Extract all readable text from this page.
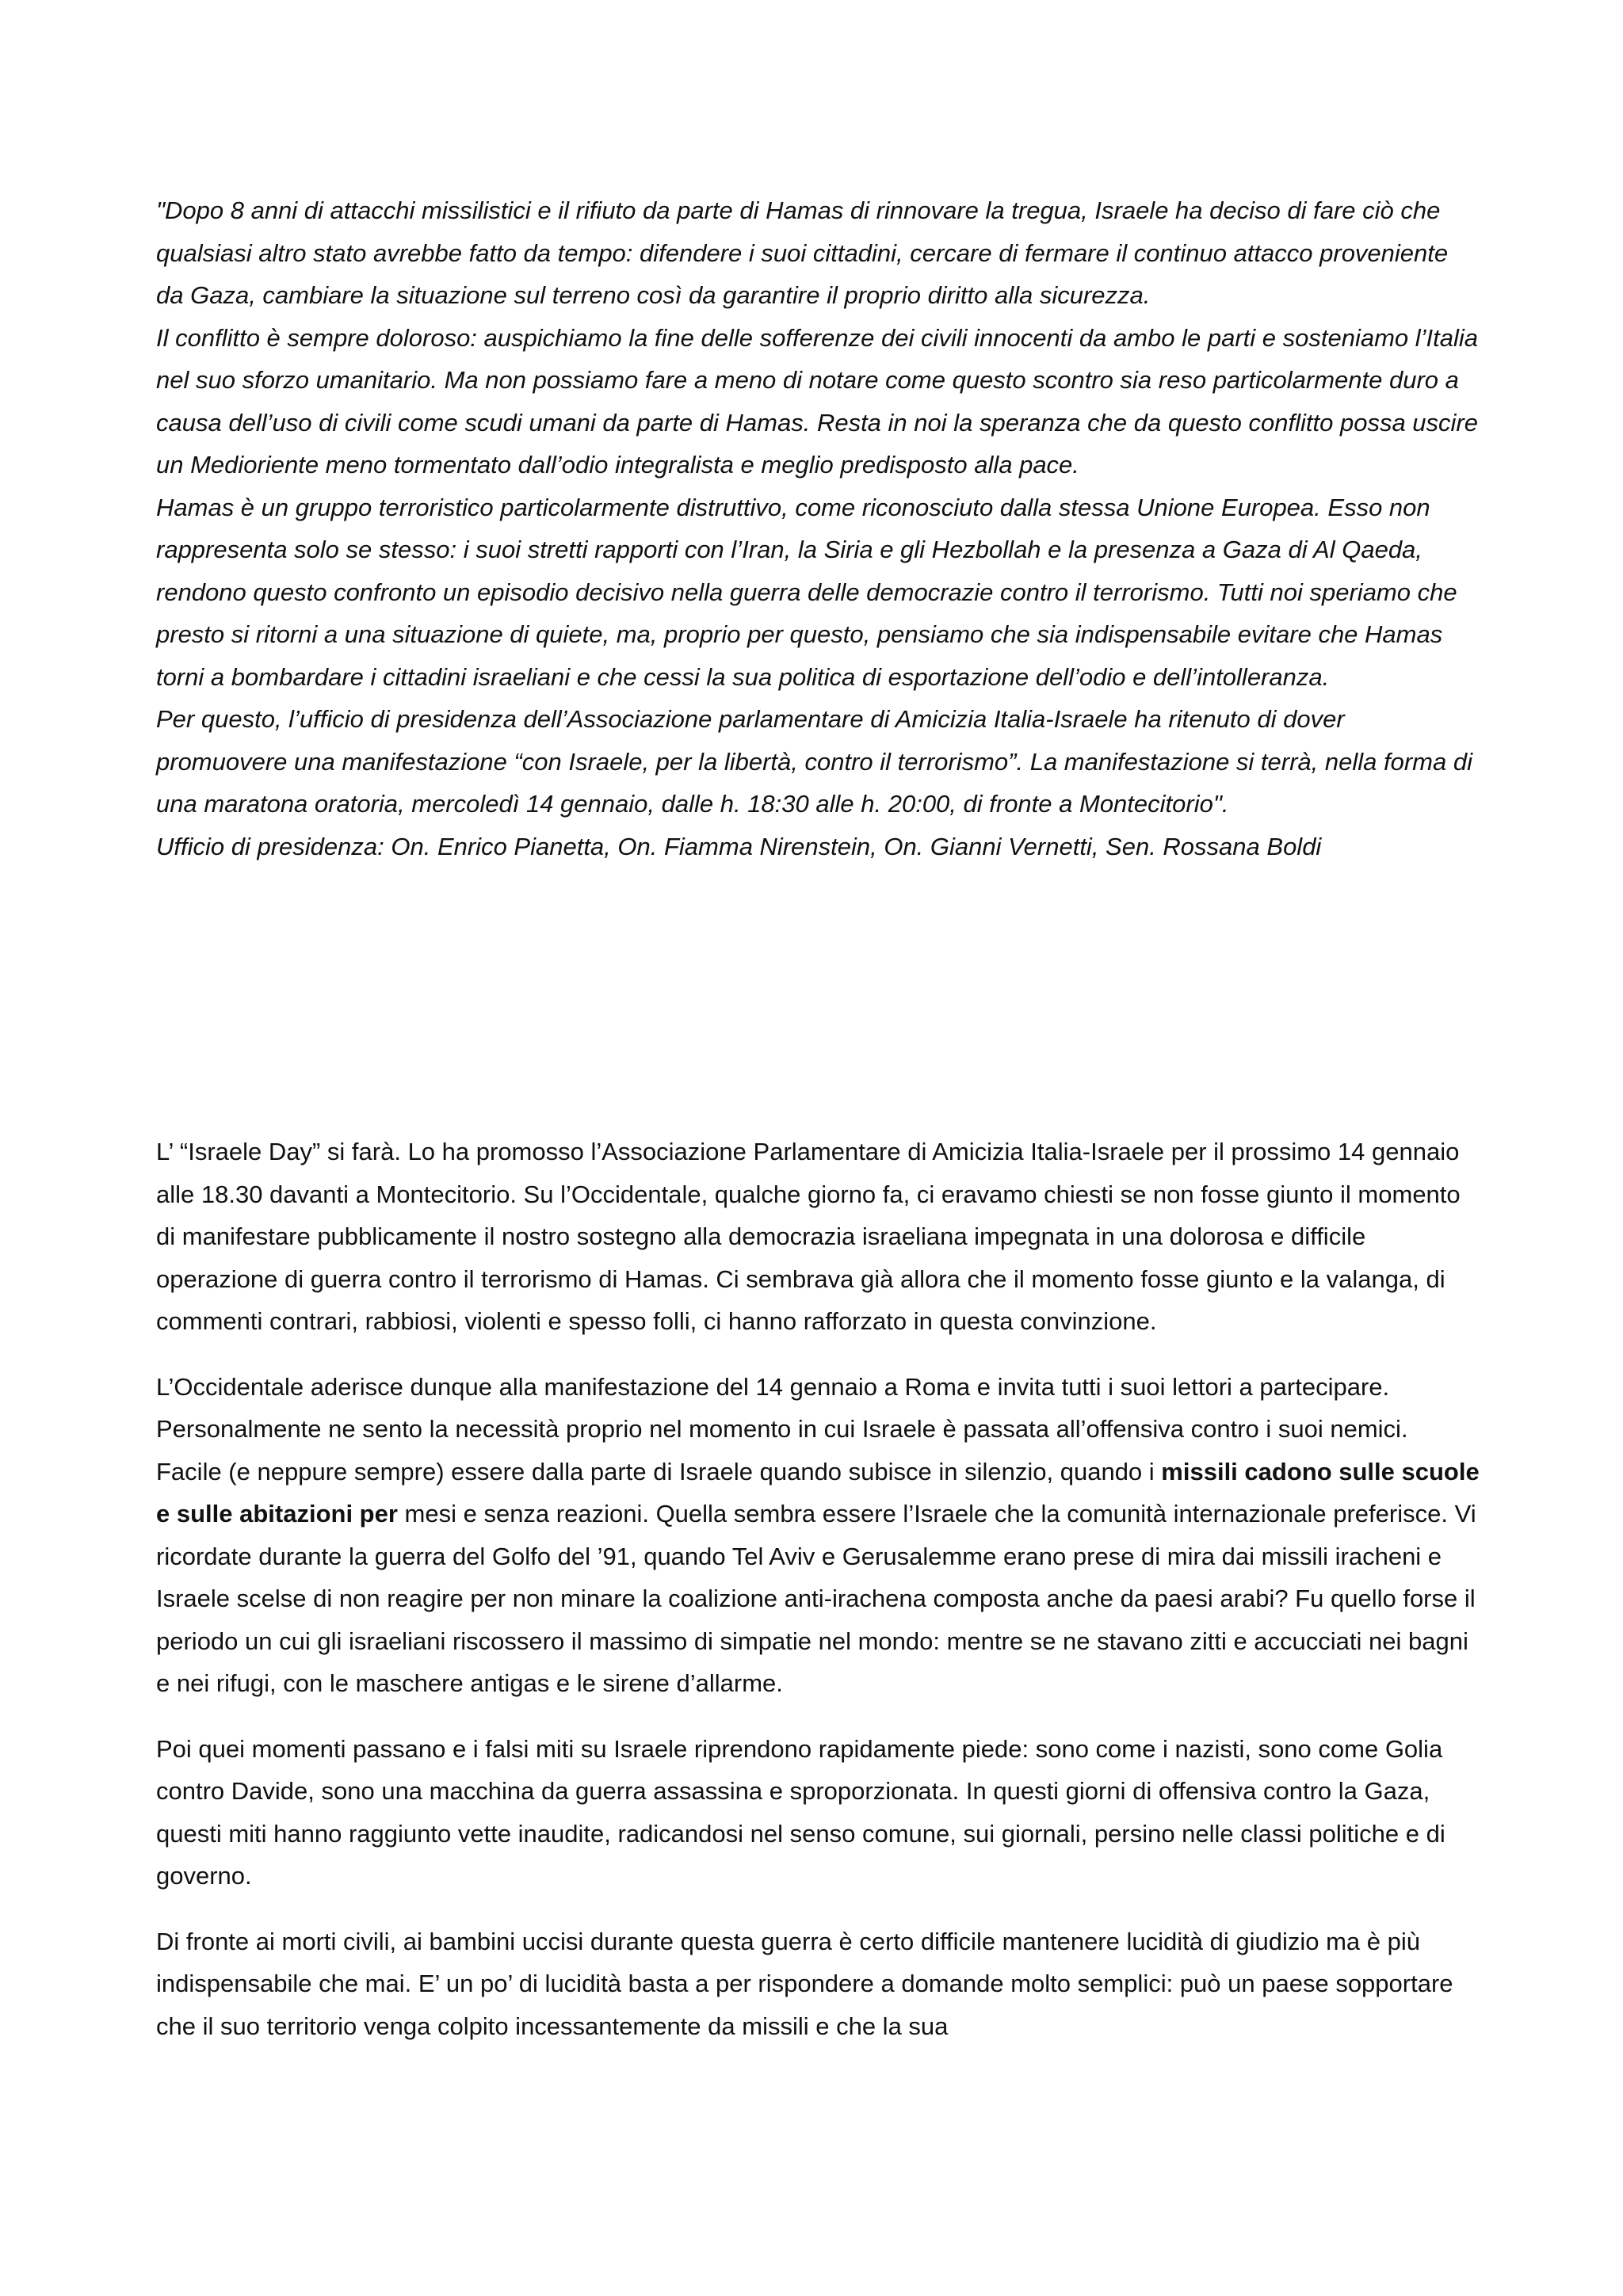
"Dopo 8 anni di attacchi missilistici e il rifiuto da parte di Hamas di rinnovare la tregua, Israele ha deciso di fare ciò che qualsiasi altro stato avrebbe fatto da tempo: difendere i suoi cittadini, cercare di fermare il continuo attacco proveniente da Gaza, cambiare la situazione sul terreno così da garantire il proprio diritto alla sicurezza.

Il conflitto è sempre doloroso: auspichiamo la fine delle sofferenze dei civili innocenti da ambo le parti e sosteniamo l’Italia nel suo sforzo umanitario. Ma non possiamo fare a meno di notare come questo scontro sia reso particolarmente duro a causa dell’uso di civili come scudi umani da parte di Hamas. Resta in noi la speranza che da questo conflitto possa uscire un Medioriente meno tormentato dall’odio integralista e meglio predisposto alla pace.

Hamas è un gruppo terroristico particolarmente distruttivo, come riconosciuto dalla stessa Unione Europea. Esso non rappresenta solo se stesso: i suoi stretti rapporti con l’Iran, la Siria e gli Hezbollah e la presenza a Gaza di Al Qaeda, rendono questo confronto un episodio decisivo nella guerra delle democrazie contro il terrorismo. Tutti noi speriamo che presto si ritorni a una situazione di quiete, ma, proprio per questo, pensiamo che sia indispensabile evitare che Hamas torni a bombardare i cittadini israeliani e che cessi la sua politica di esportazione dell’odio e dell’intolleranza.

Per questo, l’ufficio di presidenza dell’Associazione parlamentare di Amicizia Italia-Israele ha ritenuto di dover promuovere una manifestazione “con Israele, per la libertà, contro il terrorismo”. La manifestazione si terrà, nella forma di una maratona oratoria, mercoledì 14 gennaio, dalle h. 18:30 alle h. 20:00, di fronte a Montecitorio".

Ufficio di presidenza: On. Enrico Pianetta, On. Fiamma Nirenstein, On. Gianni Vernetti, Sen. Rossana Boldi

L’ “Israele Day” si farà. Lo ha promosso l’Associazione Parlamentare di Amicizia Italia-Israele per il prossimo 14 gennaio alle 18.30 davanti a Montecitorio. Su l’Occidentale, qualche giorno fa, ci eravamo chiesti se non fosse giunto il momento di manifestare pubblicamente il nostro sostegno alla democrazia israeliana impegnata in una dolorosa e difficile operazione di guerra contro il terrorismo di Hamas. Ci sembrava già allora che il momento fosse giunto e la valanga, di commenti contrari, rabbiosi, violenti e spesso folli, ci hanno rafforzato in questa convinzione.

L’Occidentale aderisce dunque alla manifestazione del 14 gennaio a Roma e invita tutti i suoi lettori a partecipare. Personalmente ne sento la necessità proprio nel momento in cui Israele è passata all’offensiva contro i suoi nemici. Facile (e neppure sempre) essere dalla parte di Israele quando subisce in silenzio, quando i missili cadono sulle scuole e sulle abitazioni per mesi e senza reazioni. Quella sembra essere l’Israele che la comunità internazionale preferisce. Vi ricordate durante la guerra del Golfo del ’91, quando Tel Aviv e Gerusalemme erano prese di mira dai missili iracheni e Israele scelse di non reagire per non minare la coalizione anti-irachena composta anche da paesi arabi? Fu quello forse il periodo un cui gli israeliani riscossero il massimo di simpatie nel mondo: mentre se ne stavano zitti e accucciati nei bagni e nei rifugi, con le maschere antigas e le sirene d’allarme.

Poi quei momenti passano e i falsi miti su Israele riprendono rapidamente piede: sono come i nazisti, sono come Golia contro Davide, sono una macchina da guerra assassina e sproporzionata. In questi giorni di offensiva contro la Gaza, questi miti hanno raggiunto vette inaudite, radicandosi nel senso comune, sui giornali, persino nelle classi politiche e di governo.

Di fronte ai morti civili, ai bambini uccisi durante questa guerra è certo difficile mantenere lucidità di giudizio ma è più indispensabile che mai. E’ un po’ di lucidità basta a per rispondere a domande molto semplici: può un paese sopportare che il suo territorio venga colpito incessantemente da missili e che la sua
